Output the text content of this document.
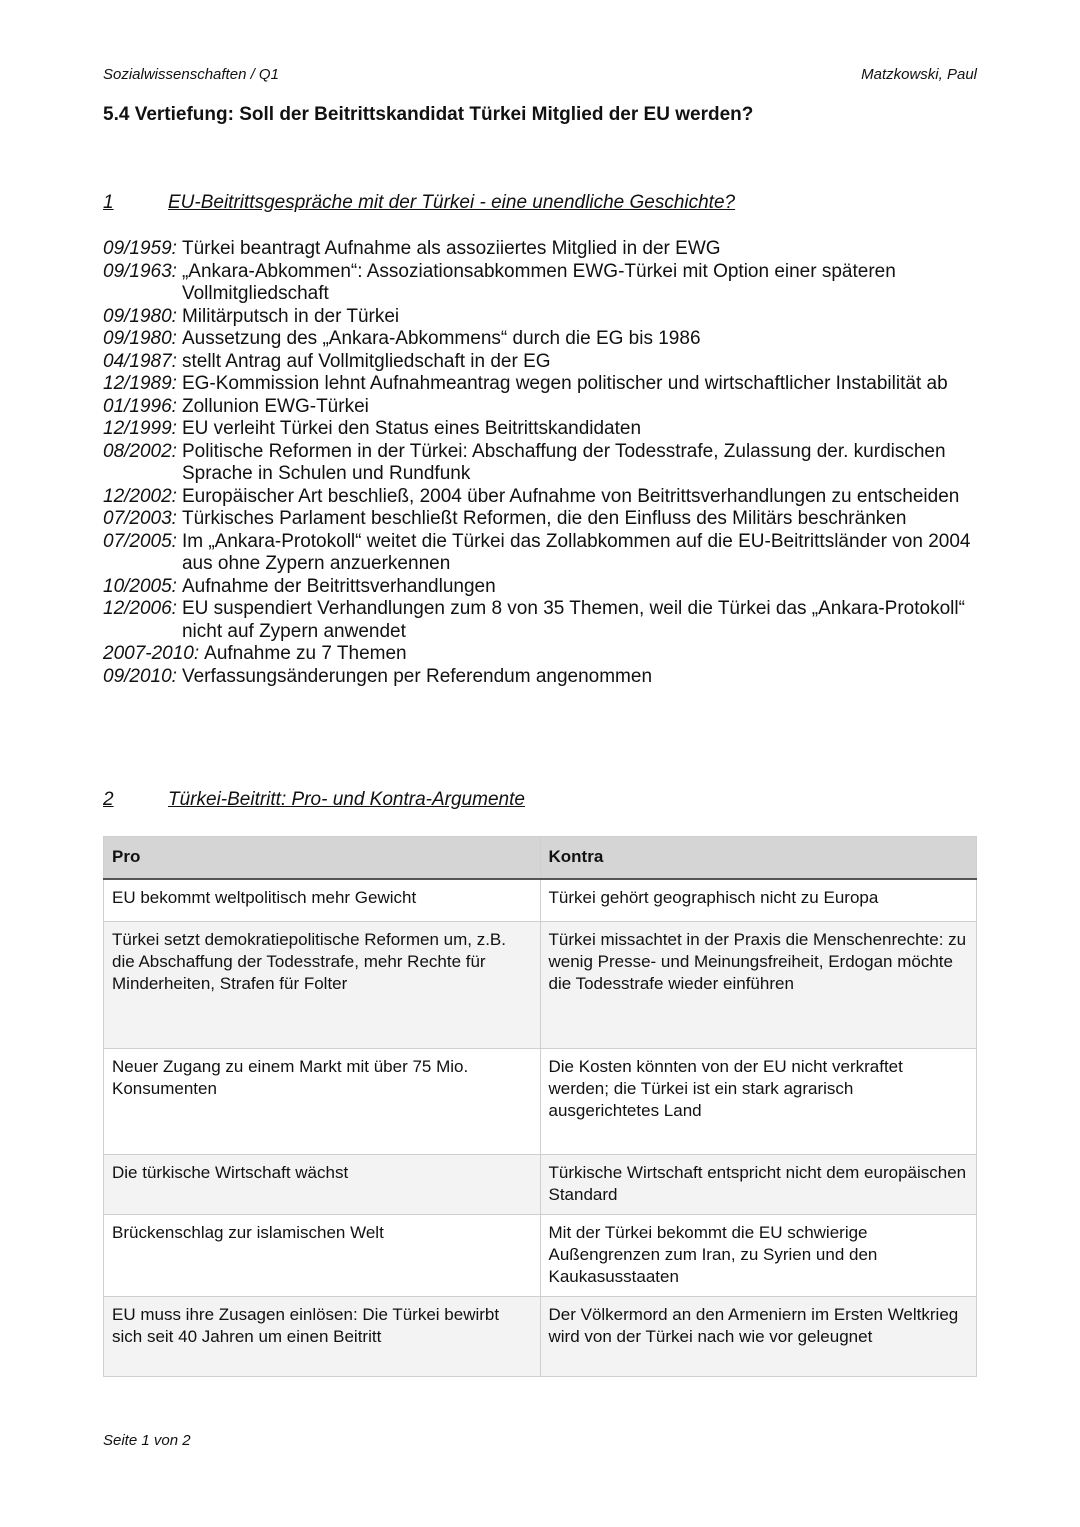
Sozialwissenschaften / Q1	Matzkowski, Paul
5.4 Vertiefung: Soll der Beitrittskandidat Türkei Mitglied der EU werden?
1	EU-Beitrittsgespräche mit der Türkei - eine unendliche Geschichte?
09/1959: Türkei beantragt Aufnahme als assoziiertes Mitglied in der EWG
09/1963: „Ankara-Abkommen“: Assoziationsabkommen EWG-Türkei mit Option einer späteren Vollmitgliedschaft
09/1980: Militärputsch in der Türkei
09/1980: Aussetzung des „Ankara-Abkommens“ durch die EG bis 1986
04/1987: stellt Antrag auf Vollmitgliedschaft in der EG
12/1989: EG-Kommission lehnt Aufnahmeantrag wegen politischer und wirtschaftlicher Instabilität ab
01/1996: Zollunion EWG-Türkei
12/1999: EU verleiht Türkei den Status eines Beitrittskandidaten
08/2002: Politische Reformen in der Türkei: Abschaffung der Todesstrafe, Zulassung der. kurdischen Sprache in Schulen und Rundfunk
12/2002: Europäischer Art beschließ, 2004 über Aufnahme von Beitrittsverhandlungen zu entscheiden
07/2003: Türkisches Parlament beschließt Reformen, die den Einfluss des Militärs beschränken
07/2005: Im „Ankara-Protokoll“ weitet die Türkei das Zollabkommen auf die EU-Beitrittsländer von 2004 aus ohne Zypern anzuerkennen
10/2005: Aufnahme der Beitrittsverhandlungen
12/2006: EU suspendiert Verhandlungen zum 8 von 35 Themen, weil die Türkei das „Ankara-Protokoll“ nicht auf Zypern anwendet
2007-2010: Aufnahme zu 7 Themen
09/2010: Verfassungsänderungen per Referendum angenommen
2	Türkei-Beitritt: Pro- und Kontra-Argumente
Pro	Kontra
EU bekommt weltpolitisch mehr Gewicht	Türkei gehört geographisch nicht zu Europa
Türkei setzt demokratiepolitische Reformen um, z.B. die Abschaffung der Todesstrafe, mehr Rechte für Minderheiten, Strafen für Folter	Türkei missachtet in der Praxis die Menschenrechte: zu wenig Presse- und Meinungsfreiheit, Erdogan möchte die Todesstrafe wieder einführen
Neuer Zugang zu einem Markt mit über 75 Mio. Konsumenten	Die Kosten könnten von der EU nicht verkraftet werden; die Türkei ist ein stark agrarisch ausgerichtetes Land
Die türkische Wirtschaft wächst	Türkische Wirtschaft entspricht nicht dem europäischen Standard
Brückenschlag zur islamischen Welt	Mit der Türkei bekommt die EU schwierige Außengrenzen zum Iran, zu Syrien und den Kaukasusstaaten
EU muss ihre Zusagen einlösen: Die Türkei bewirbt sich seit 40 Jahren um einen Beitritt	Der Völkermord an den Armeniern im Ersten Weltkrieg wird von der Türkei nach wie vor geleugnet
Seite 1 von 2
